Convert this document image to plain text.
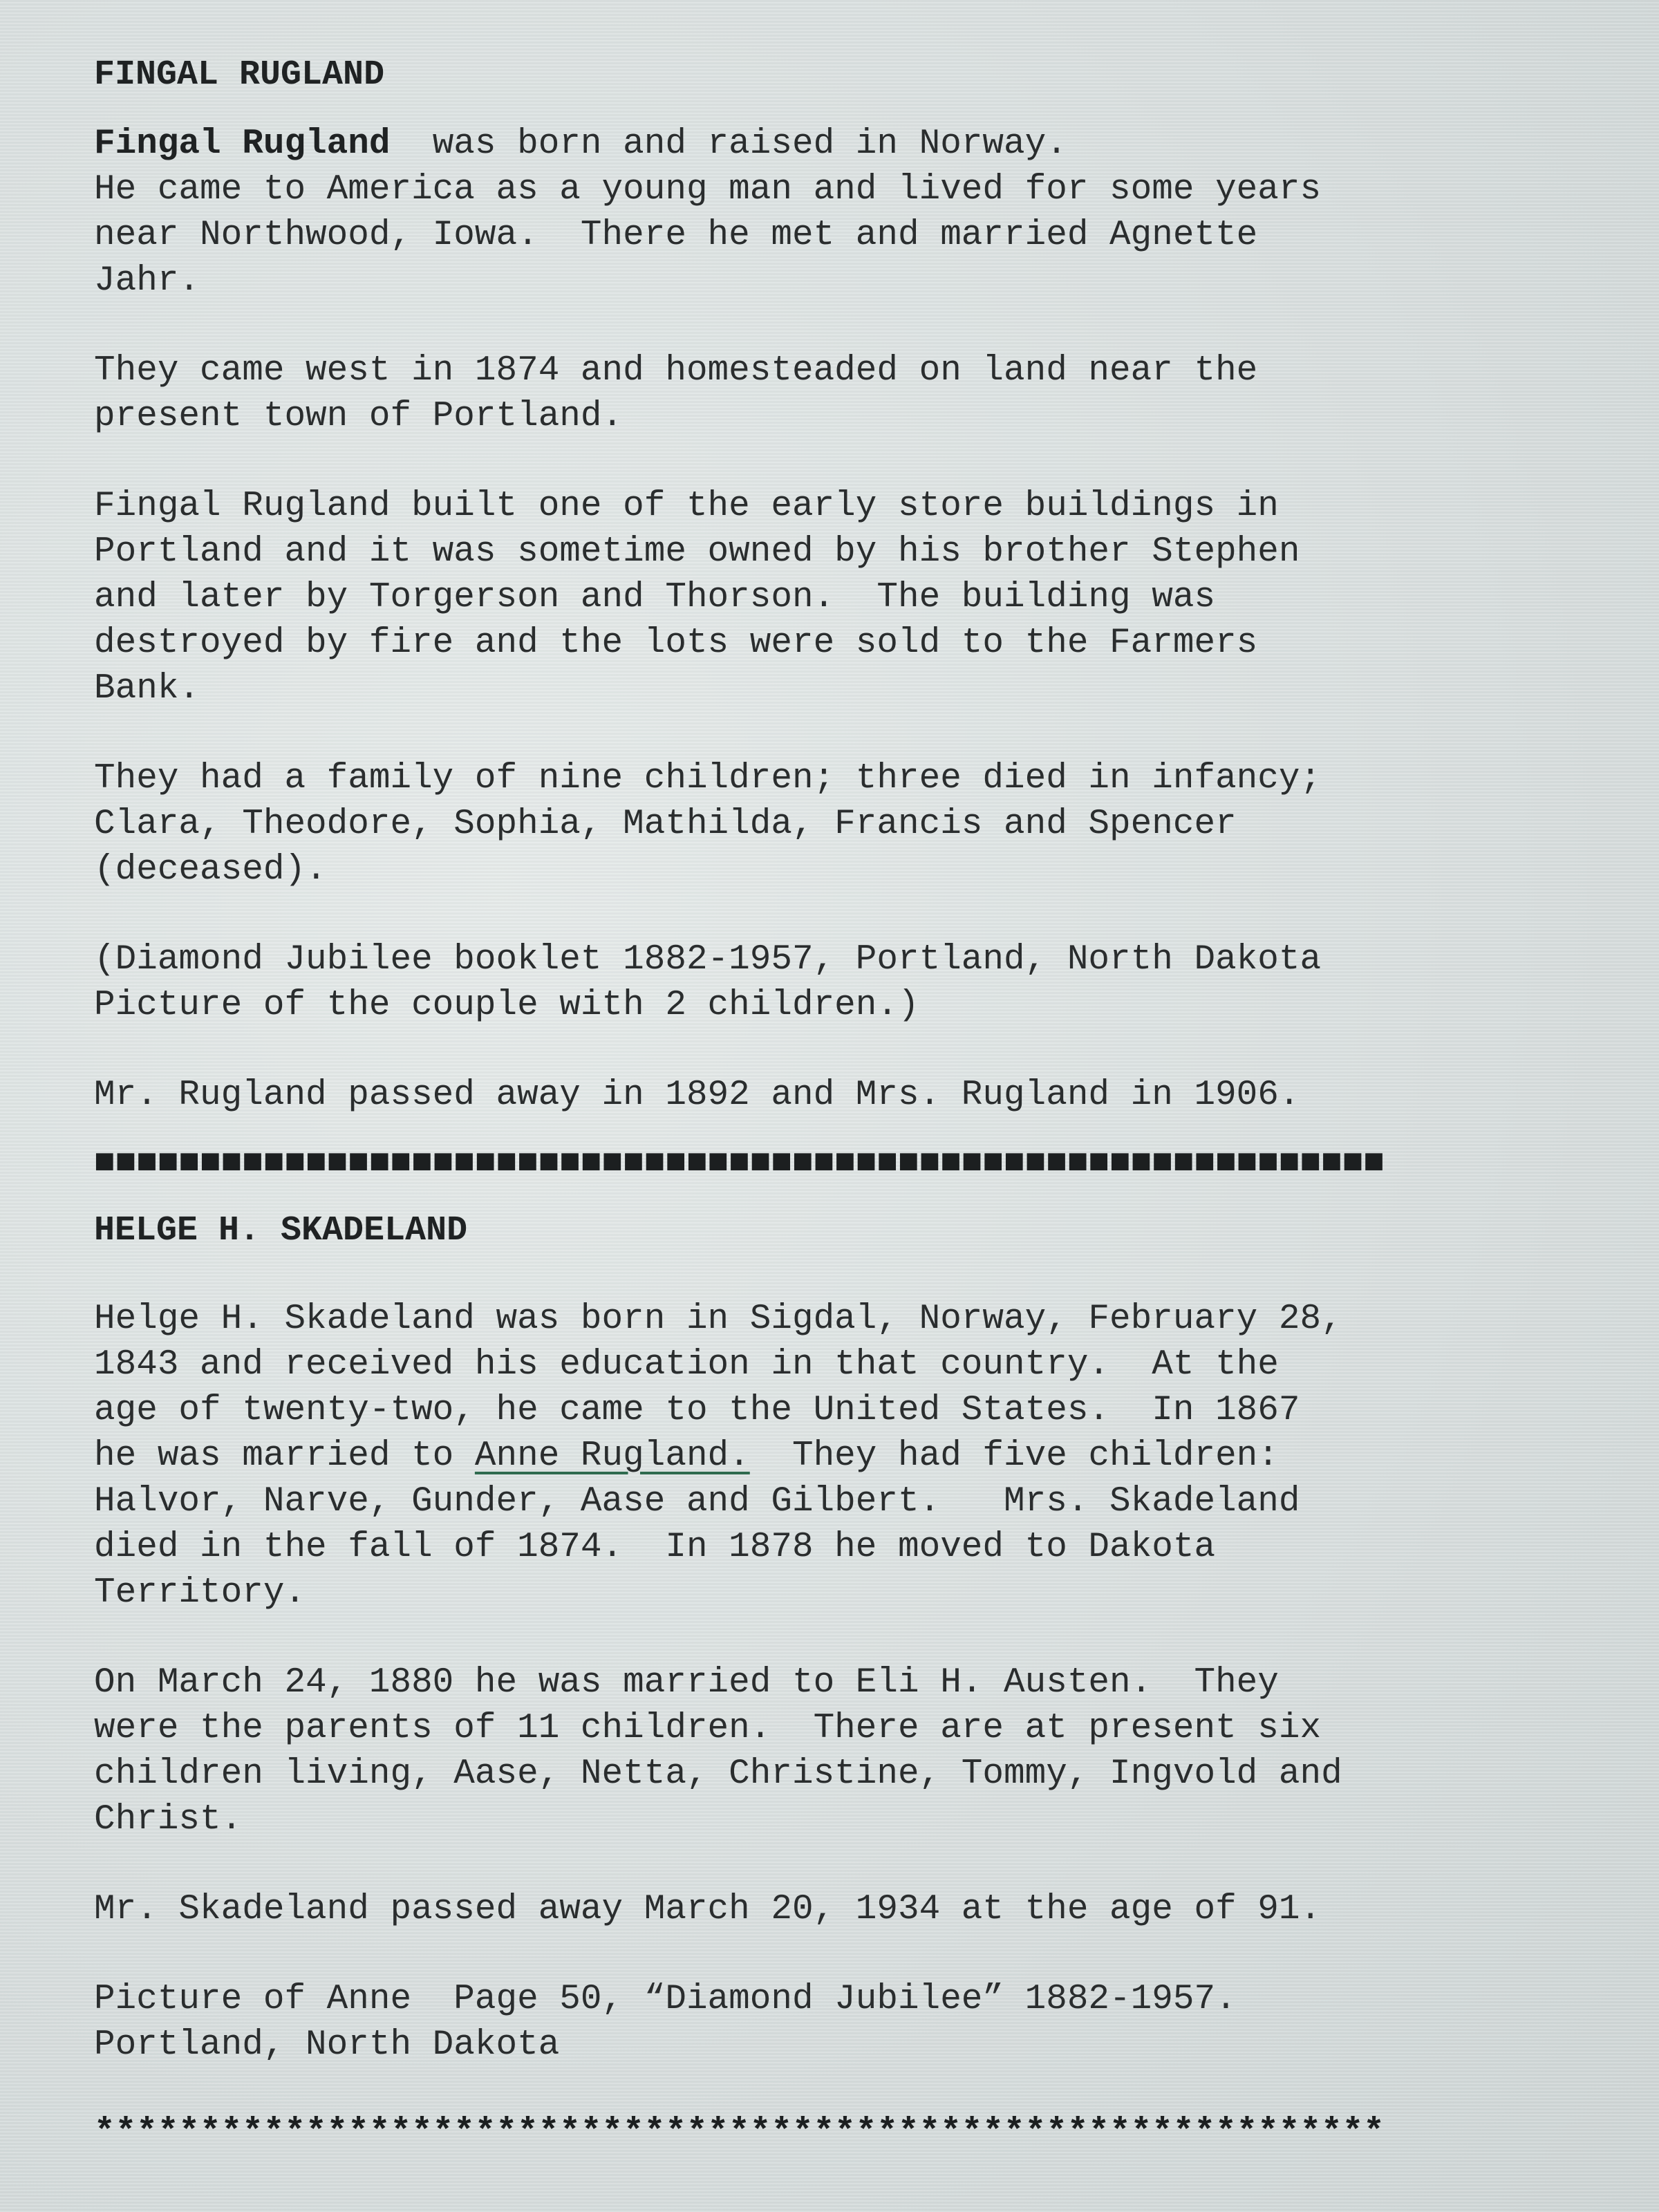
FINGAL RUGLAND

Fingal Rugland  was born and raised in Norway.
He came to America as a young man and lived for some years
near Northwood, Iowa.  There he met and married Agnette
Jahr.

They came west in 1874 and homesteaded on land near the
present town of Portland.

Fingal Rugland built one of the early store buildings in
Portland and it was sometime owned by his brother Stephen
and later by Torgerson and Thorson.  The building was
destroyed by fire and the lots were sold to the Farmers
Bank.

They had a family of nine children; three died in infancy;
Clara, Theodore, Sophia, Mathilda, Francis and Spencer
(deceased).

(Diamond Jubilee booklet 1882-1957, Portland, North Dakota
Picture of the couple with 2 children.)

Mr. Rugland passed away in 1892 and Mrs. Rugland in 1906.

■■■■■■■■■■■■■■■■■■■■■■■■■■■■■■■■■■■■■■■■■■■■■■■■■■■■■■■■■■■■■
HELGE H. SKADELAND

Helge H. Skadeland was born in Sigdal, Norway, February 28,
1843 and received his education in that country.  At the
age of twenty-two, he came to the United States.  In 1867
he was married to Anne Rugland.  They had five children:
Halvor, Narve, Gunder, Aase and Gilbert.   Mrs. Skadeland
died in the fall of 1874.  In 1878 he moved to Dakota
Territory.

On March 24, 1880 he was married to Eli H. Austen.  They
were the parents of 11 children.  There are at present six
children living, Aase, Netta, Christine, Tommy, Ingvold and
Christ.

Mr. Skadeland passed away March 20, 1934 at the age of 91.

Picture of Anne  Page 50, “Diamond Jubilee” 1882-1957.
Portland, North Dakota

*************************************************************
